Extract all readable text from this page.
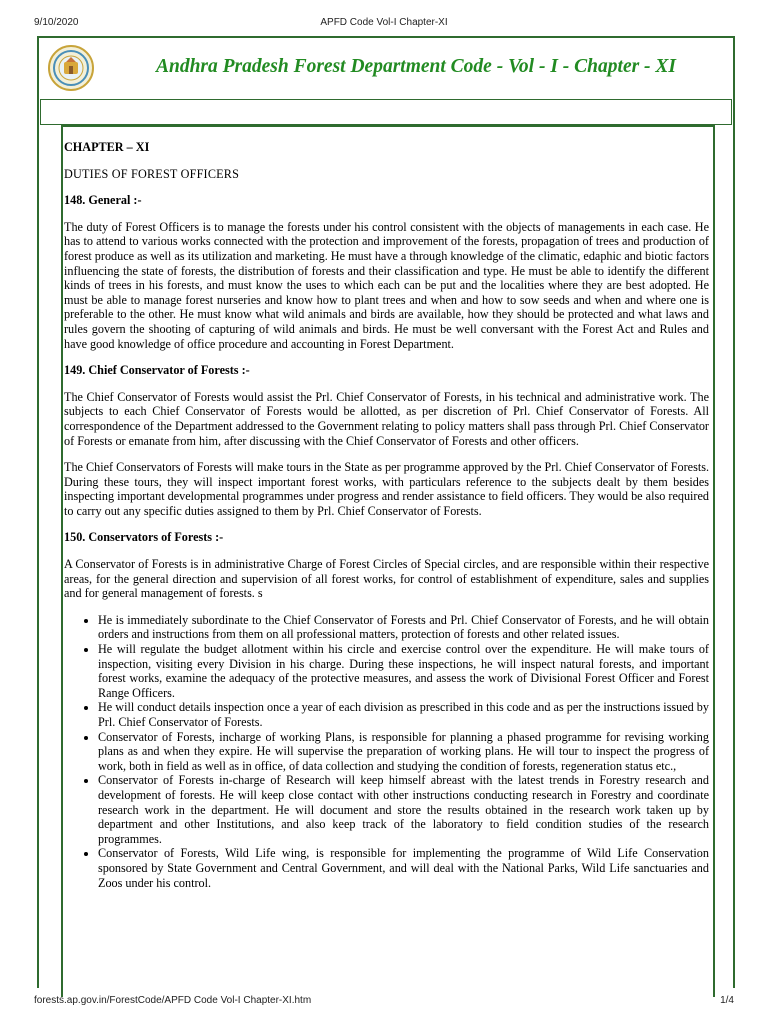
9/10/2020	APFD Code Vol-I Chapter-XI
Andhra Pradesh Forest Department Code - Vol - I - Chapter - XI
CHAPTER – XI
DUTIES OF FOREST OFFICERS
148. General :-

The duty of Forest Officers is to manage the forests under his control consistent with the objects of managements in each case. He has to attend to various works connected with the protection and improvement of the forests, propagation of trees and production of forest produce as well as its utilization and marketing. He must have a through knowledge of the climatic, edaphic and biotic factors influencing the state of forests, the distribution of forests and their classification and type. He must be able to identify the different kinds of trees in his forests, and must know the uses to which each can be put and the localities where they are best adopted. He must be able to manage forest nurseries and know how to plant trees and when and how to sow seeds and when and where one is preferable to the other. He must know what wild animals and birds are available, how they should be protected and what laws and rules govern the shooting of capturing of wild animals and birds. He must be well conversant with the Forest Act and Rules and have good knowledge of office procedure and accounting in Forest Department.

149. Chief Conservator of Forests :-

The Chief Conservator of Forests would assist the Prl. Chief Conservator of Forests, in his technical and administrative work. The subjects to each Chief Conservator of Forests would be allotted, as per discretion of Prl. Chief Conservator of Forests. All correspondence of the Department addressed to the Government relating to policy matters shall pass through Prl. Chief Conservator of Forests or emanate from him, after discussing with the Chief Conservator of Forests and other officers.

The Chief Conservators of Forests will make tours in the State as per programme approved by the Prl. Chief Conservator of Forests. During these tours, they will inspect important forest works, with particulars reference to the subjects dealt by them besides inspecting important developmental programmes under progress and render assistance to field officers. They would be also required to carry out any specific duties assigned to them by Prl. Chief Conservator of Forests.

150. Conservators of Forests :-

A Conservator of Forests is in administrative Charge of Forest Circles of Special circles, and are responsible within their respective areas, for the general direction and supervision of all forest works, for control of establishment of expenditure, sales and supplies and for general management of forests. s

• He is immediately subordinate to the Chief Conservator of Forests and Prl. Chief Conservator of Forests, and he will obtain orders and instructions from them on all professional matters, protection of forests and other related issues.
• He will regulate the budget allotment within his circle and exercise control over the expenditure. He will make tours of inspection, visiting every Division in his charge. During these inspections, he will inspect natural forests, and important forest works, examine the adequacy of the protective measures, and assess the work of Divisional Forest Officer and Forest Range Officers.
• He will conduct details inspection once a year of each division as prescribed in this code and as per the instructions issued by Prl. Chief Conservator of Forests.
• Conservator of Forests, incharge of working Plans, is responsible for planning a phased programme for revising working plans as and when they expire. He will supervise the preparation of working plans. He will tour to inspect the progress of work, both in field as well as in office, of data collection and studying the condition of forests, regeneration status etc.,
• Conservator of Forests in-charge of Research will keep himself abreast with the latest trends in Forestry research and development of forests. He will keep close contact with other instructions conducting research in Forestry and coordinate research work in the department. He will document and store the results obtained in the research work taken up by department and other Institutions, and also keep track of the laboratory to field condition studies of the research programmes.
• Conservator of Forests, Wild Life wing, is responsible for implementing the programme of Wild Life Conservation sponsored by State Government and Central Government, and will deal with the National Parks, Wild Life sanctuaries and Zoos under his control.
forests.ap.gov.in/ForestCode/APFD Code Vol-I Chapter-XI.htm	1/4
